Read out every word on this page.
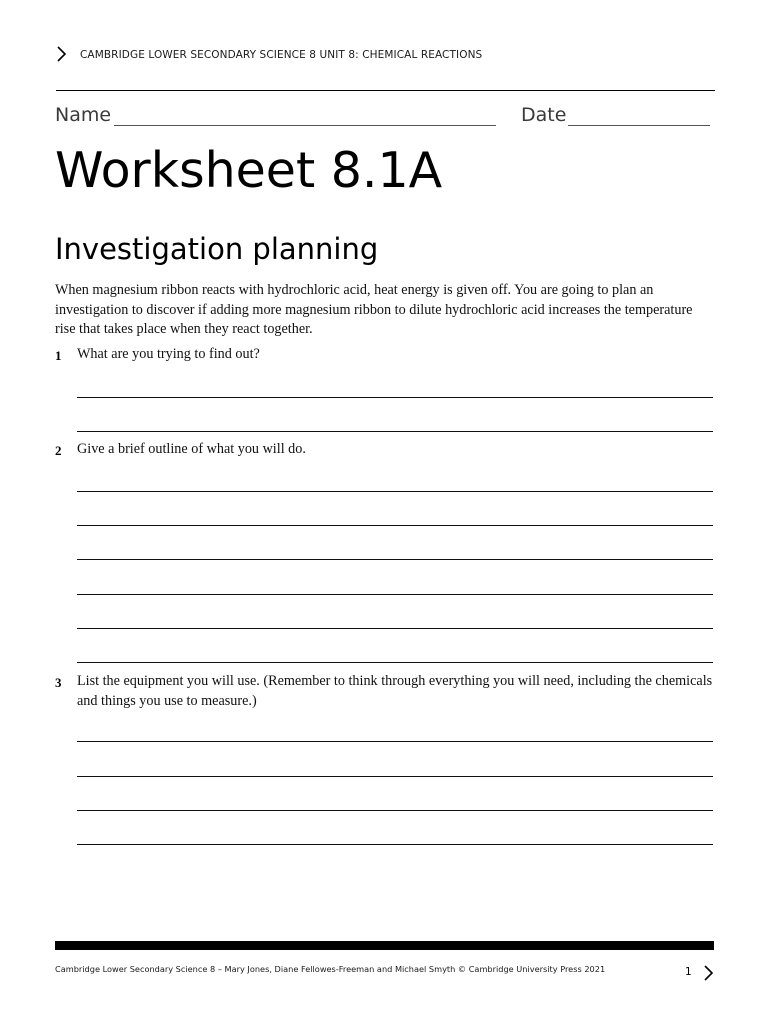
CAMBRIDGE LOWER SECONDARY SCIENCE 8 UNIT 8: CHEMICAL REACTIONS
Name	Date
Worksheet 8.1A
Investigation planning
When magnesium ribbon reacts with hydrochloric acid, heat energy is given off. You are going to plan an investigation to discover if adding more magnesium ribbon to dilute hydrochloric acid increases the temperature rise that takes place when they react together.
1 What are you trying to find out?
2 Give a brief outline of what you will do.
3 List the equipment you will use. (Remember to think through everything you will need, including the chemicals and things you use to measure.)
Cambridge Lower Secondary Science 8 – Mary Jones, Diane Fellowes-Freeman and Michael Smyth © Cambridge University Press 2021	1
